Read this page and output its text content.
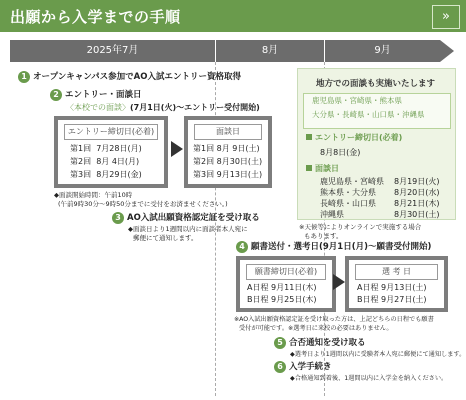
出願から入学までの手順	»
2025年7月	8月	9月
1 オープンキャンパス参加でAO入試エントリー資格取得
2 エントリー・面談日
〈本校での面談〉(7月1日(火)〜エントリー受付開始)
エントリー締切日(必着)
第1回 7月28日(月)
第2回 8月 4日(月)
第3回 8月29日(金)
面談日
第1回 8月 9日(土)
第2回 8月30日(土)
第3回 9月13日(土)
◆面談開始時間：午前10時
(午前9時30分〜9時50分までに受付をお済ませください。)
3 AO入試出願資格認定証を受け取る
◆面談日より1週間以内に面談者本人宛に
郵便にて通知します。
地方での面談も実施いたします
鹿児島県・宮崎県・熊本県
大分県・長崎県・山口県・沖縄県
エントリー締切日(必着)
8月8日(金)
面談日
鹿児島県・宮崎県 8月19日(火)
熊本県・大分県 8月20日(水)
長崎県・山口県 8月21日(木)
沖縄県	8月30日(土)
※天候等によりオンラインで実施する場合
もあります。
4 願書送付・選考日(9月1日(月)〜願書受付開始)
願書締切日(必着)
A日程 9月11日(木)
B日程 9月25日(木)
選 考 日
A日程 9月13日(土)
B日程 9月27日(土)
※AO入試出願資格認定証を受け取った方は、上記どちらの日程でも願書
受付が可能です。※選考日に来校の必要はありません。
5 合否通知を受け取る
◆選考日より1週間以内に受験者本人宛に郵便にて通知します。
6 入学手続き
◆合格通知到着後、1週間以内に入学金を納入ください。
